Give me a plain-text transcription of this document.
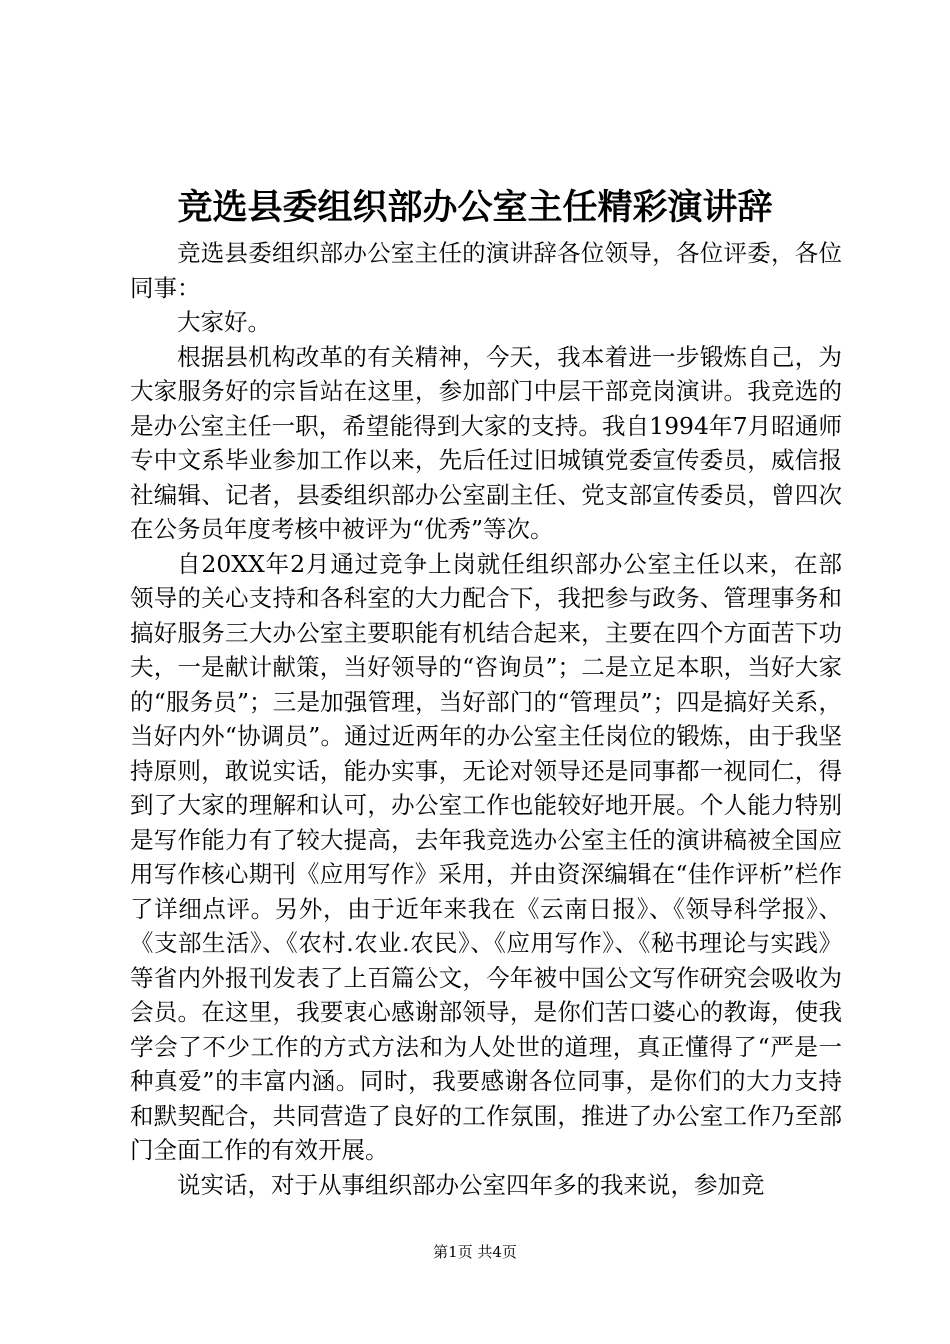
竞选县委组织部办公室主任精彩演讲辞

竞选县委组织部办公室主任的演讲辞各位领导，各位评委，各位同事：

大家好。

根据县机构改革的有关精神，今天，我本着进一步锻炼自己，为大家服务好的宗旨站在这里，参加部门中层干部竞岗演讲。我竞选的是办公室主任一职，希望能得到大家的支持。我自1994年7月昭通师专中文系毕业参加工作以来，先后任过旧城镇党委宣传委员，威信报社编辑、记者，县委组织部办公室副主任、党支部宣传委员，曾四次在公务员年度考核中被评为“优秀”等次。

自20XX年2月通过竞争上岗就任组织部办公室主任以来，在部领导的关心支持和各科室的大力配合下，我把参与政务、管理事务和搞好服务三大办公室主要职能有机结合起来，主要在四个方面苦下功夫，一是献计献策，当好领导的“咨询员”；二是立足本职，当好大家的“服务员”；三是加强管理，当好部门的“管理员”；四是搞好关系，当好内外“协调员”。通过近两年的办公室主任岗位的锻炼，由于我坚持原则，敢说实话，能办实事，无论对领导还是同事都一视同仁，得到了大家的理解和认可，办公室工作也能较好地开展。个人能力特别是写作能力有了较大提高，去年我竞选办公室主任的演讲稿被全国应用写作核心期刊《应用写作》采用，并由资深编辑在“佳作评析”栏作了详细点评。另外，由于近年来我在《云南日报》、《领导科学报》、《支部生活》、《农村.农业.农民》、《应用写作》、《秘书理论与实践》等省内外报刊发表了上百篇公文，今年被中国公文写作研究会吸收为会员。在这里，我要衷心感谢部领导，是你们苦口婆心的教诲，使我学会了不少工作的方式方法和为人处世的道理，真正懂得了“严是一种真爱”的丰富内涵。同时，我要感谢各位同事，是你们的大力支持和默契配合，共同营造了良好的工作氛围，推进了办公室工作乃至部门全面工作的有效开展。

说实话，对于从事组织部办公室四年多的我来说，参加竞

第1页 共4页
